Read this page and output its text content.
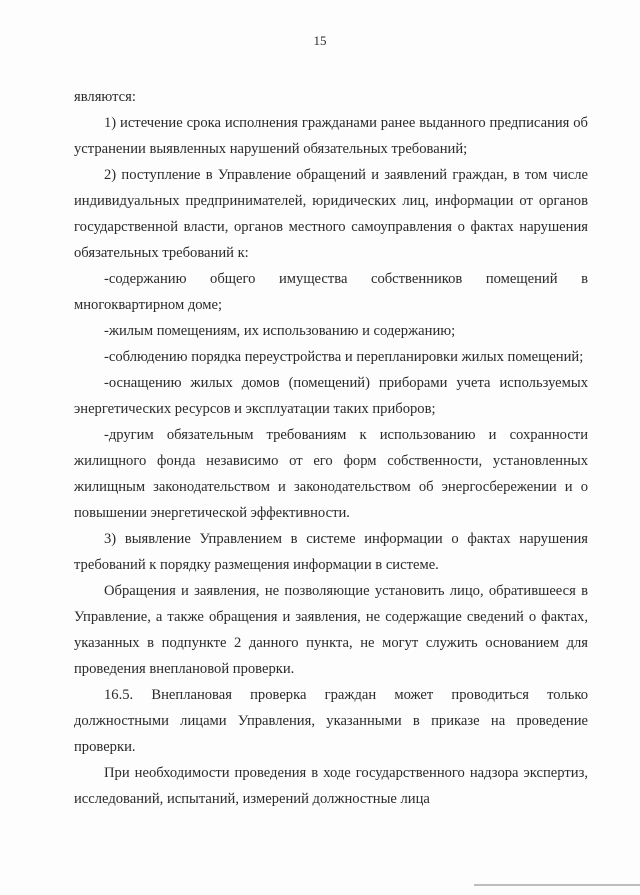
15

являются:

1) истечение срока исполнения гражданами ранее выданного предписания об устранении выявленных нарушений обязательных требований;

2) поступление в Управление обращений и заявлений граждан, в том числе индивидуальных предпринимателей, юридических лиц, информации от органов государственной власти, органов местного самоуправления о фактах нарушения обязательных требований к:

-содержанию общего имущества собственников помещений в многоквартирном доме;

-жилым помещениям, их использованию и содержанию;

-соблюдению порядка переустройства и перепланировки жилых помещений;

-оснащению жилых домов (помещений) приборами учета используемых энергетических ресурсов и эксплуатации таких приборов;

-другим обязательным требованиям к использованию и сохранности жилищного фонда независимо от его форм собственности, установленных жилищным законодательством и законодательством об энергосбережении и о повышении энергетической эффективности.

3) выявление Управлением в системе информации о фактах нарушения требований к порядку размещения информации в системе.

Обращения и заявления, не позволяющие установить лицо, обратившееся в Управление, а также обращения и заявления, не содержащие сведений о фактах, указанных в подпункте 2 данного пункта, не могут служить основанием для проведения внеплановой проверки.

16.5. Внеплановая проверка граждан может проводиться только должностными лицами Управления, указанными в приказе на проведение проверки.

При необходимости проведения в ходе государственного надзора экспертиз, исследований, испытаний, измерений должностные лица
